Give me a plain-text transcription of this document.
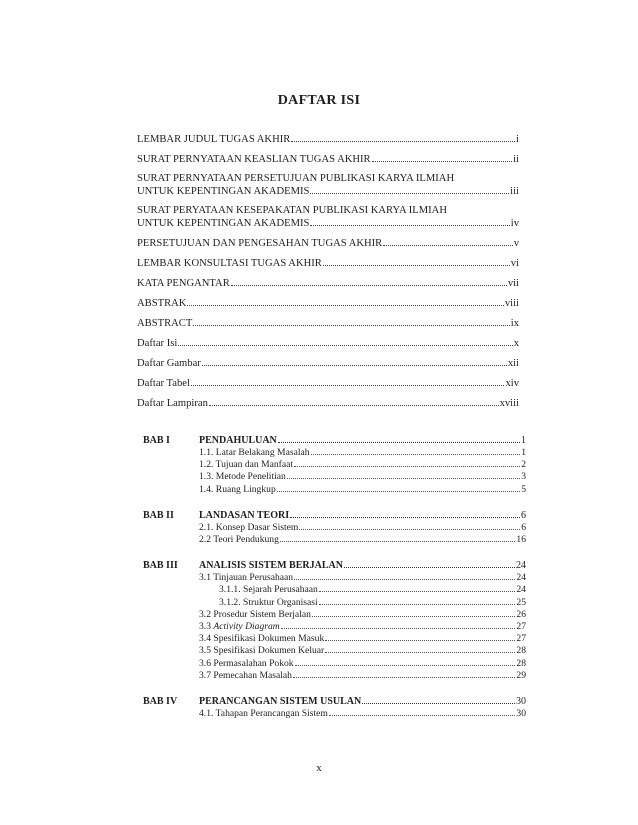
DAFTAR ISI
LEMBAR JUDUL TUGAS AKHIR	i
SURAT PERNYATAAN KEASLIAN TUGAS AKHIR	ii
SURAT PERNYATAAN PERSETUJUAN PUBLIKASI KARYA ILMIAH
UNTUK KEPENTINGAN AKADEMIS	iii
SURAT PERYATAAN KESEPAKATAN PUBLIKASI KARYA ILMIAH
UNTUK KEPENTINGAN AKADEMIS	iv
PERSETUJUAN DAN PENGESAHAN TUGAS AKHIR	v
LEMBAR KONSULTASI TUGAS AKHIR	vi
KATA PENGANTAR	vii
ABSTRAK	viii
ABSTRACT	ix
Daftar Isi	x
Daftar Gambar	xii
Daftar Tabel	xiv
Daftar Lampiran	xviii
BAB I	PENDAHULUAN	1
1.1. Latar Belakang Masalah	1
1.2. Tujuan dan Manfaat	2
1.3. Metode Penelitian	3
1.4. Ruang Lingkup	5
BAB II	LANDASAN TEORI	6
2.1. Konsep Dasar Sistem	6
2.2 Teori Pendukung	16
BAB III	ANALISIS SISTEM BERJALAN	24
3.1 Tinjauan Perusahaan	24
3.1.1. Sejarah Perusahaan	24
3.1.2. Struktur Organisasi	25
3.2 Prosedur Sistem Berjalan	26
3.3 Activity Diagram	27
3.4 Spesifikasi Dokumen Masuk	27
3.5 Spesifikasi Dokumen Keluar	28
3.6 Permasalahan Pokok	28
3.7 Pemecahan Masalah	29
BAB IV	PERANCANGAN SISTEM USULAN	30
4.1. Tahapan Perancangan Sistem	30
x
